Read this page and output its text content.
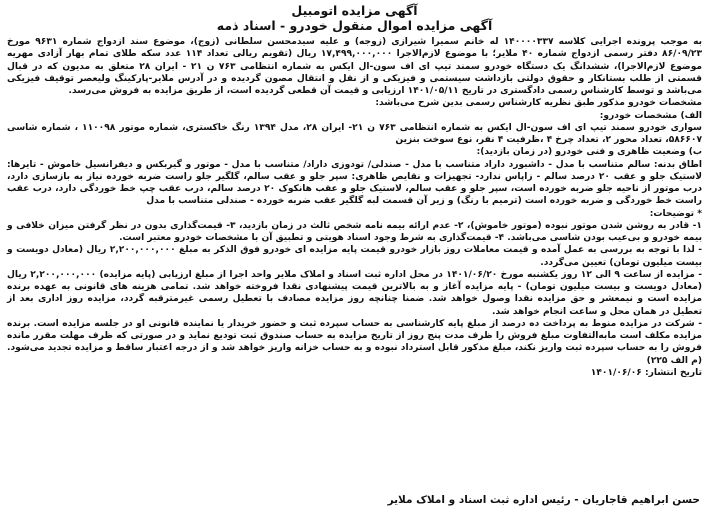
آگهی مزایده اتومبیل
آگهی مزایده اموال منقول خودرو - اسناد ذمه

به موجب پرونده اجرایی کلاسه ۱۴۰۰۰۰۳۳۷ له خانم سمیرا شیرازی (زوجه) و علیه سیدمحسن سلطانی (زوج)، موضوع سند ازدواج شماره ۹۶۳۱ مورخ ۸۶/۰۹/۲۳ دفتر رسمی ازدواج شماره ۴۰ ملایر؛ با موضوع لازم‌الاجرا ۱۷,۴۹۹,۰۰۰,۰۰۰ ریال (تقویم ریالی تعداد ۱۱۴ عدد سکه طلای تمام بهار آزادی مهریه موضوع لازم‌الاجرا)، ششدانگ یک دستگاه خودرو سمند تیپ ای اف سون-ال ایکس به شماره انتظامی ۷۶۳ ن ۲۱ - ایران ۲۸ متعلق به مدیون که در قبال قسمتی از طلب بستانکار و حقوق دولتی بازداشت سیستمی و فیزیکی و از نقل و انتقال مصون گردیده و در آدرس ملایر-پارکینگ ولیعصر توقیف فیزیکی می‌باشد و توسط کارشناس رسمی دادگستری در تاریخ ۱۴۰۱/۰۵/۱۱ ارزیابی و قیمت آن قطعی گردیده است، از طریق مزایده به فروش می‌رسد.

مشخصات خودرو مذکور طبق نظریه کارشناس رسمی بدین شرح می‌باشد:

الف) مشخصات خودرو:

سواری خودرو سمند تیپ ای اف سون-ال ایکس به شماره انتظامی ۷۶۳ ن ۲۱- ایران ۲۸، مدل ۱۳۹۴ رنگ خاکستری، شماره موتور ۱۱۰۰۹۸ ، شماره شاسی ۵۸۶۶۰۷، تعداد محور ۲، تعداد چرخ ۴ ،ظرفیت ۴ نفر، نوع سوخت بنزین

ب) وضعیت ظاهری و فنی خودرو (در زمان بازدید):

اطاق بدنه: سالم متناسب با مدل - داشبورد داراد متناسب با مدل - صندلی/ تودوزی داراد/ متناسب با مدل - موتور و گیربکس و دیفرانسیل خاموش - تایرها: لاستیک جلو و عقب ۲۰ درصد سالم - زاپاس ندارد- تجهیزات و نقایص ظاهری: سپر جلو و عقب سالم، گلگیر جلو راست ضربه خورده نیاز به بازسازی دارد، درب موتور از ناحیه جلو ضربه خورده است، سپر جلو و عقب سالم، لاستیک جلو و عقب هانکوک ۲۰ درصد سالم، درب عقب چپ خط خوردگی دارد، درب عقب راست خط خوردگی و ضربه خورده است (ترمیم با رنگ) و زیر آن قسمت لبه گلگیر عقب ضربه خورده - صندلی متناسب با مدل

* توضیحات:

۱- قادر به روشن شدن موتور نبوده (موتور خاموش)، ۲- عدم ارائه بیمه نامه شخص ثالث در زمان بازدید، ۳- قیمت‌گذاری بدون در نظر گرفتن میزان خلافی و بیمه خودرو و بی‌عیب بودن شاسی می‌باشد. ۴- قیمت‌گذاری به شرط وجود اسناد هویتی و تطبیق آن با مشخصات خودرو معتبر است.

- لذا با توجه به بررسی به عمل آمده و قیمت معاملات روز بازار خودرو قیمت پایه مزایده ای خودرو فوق الذکر به مبلغ ۲,۲۰۰,۰۰۰,۰۰۰ ریال (معادل دویست و بیست میلیون تومان) تعیین می‌گردد.

- مزایده از ساعت ۹ الی ۱۲ روز یکشنبه مورخ ۱۴۰۱/۰۶/۲۰ در محل اداره ثبت اسناد و املاک ملایر واحد اجرا از مبلغ ارزیابی (پایه مزایده) ۲,۲۰۰,۰۰۰,۰۰۰ ریال (معادل دویست و بیست میلیون تومان) - پایه مزایده آغاز و به بالاترین قیمت پیشنهادی نقدا فروخته خواهد شد. تمامی هزینه های قانونی به عهده برنده مزایده است و نیمعشر و حق مزایده نقدا وصول خواهد شد. ضمنا چنانچه روز مزایده مصادف با تعطیل رسمی غیرمترقبه گردد، مزایده روز اداری بعد از تعطیل در همان محل و ساعت انجام خواهد شد.

- شرکت در مزایده منوط به پرداخت ده درصد از مبلغ پایه کارشناسی به حساب سپرده ثبت و حضور خریدار یا نماینده قانونی او در جلسه مزایده است. برنده مزایده مکلف است مابه‌التفاوت مبلغ فروش را ظرف مدت پنج روز از تاریخ مزایده به حساب صندوق ثبت تودیع نماید و در صورتی که ظرف مهلت مقرر مانده فروش را به حساب سپرده ثبت واریز نکند، مبلغ مذکور قابل استرداد نبوده و به حساب خزانه واریز خواهد شد و از درجه اعتبار ساقط و مزایده تجدید می‌شود. (م الف ۲۲۵)

تاریخ انتشار: ۱۴۰۱/۰۶/۰۶

حسن ابراهیم قاجاریان - رئیس اداره ثبت اسناد و املاک ملایر
